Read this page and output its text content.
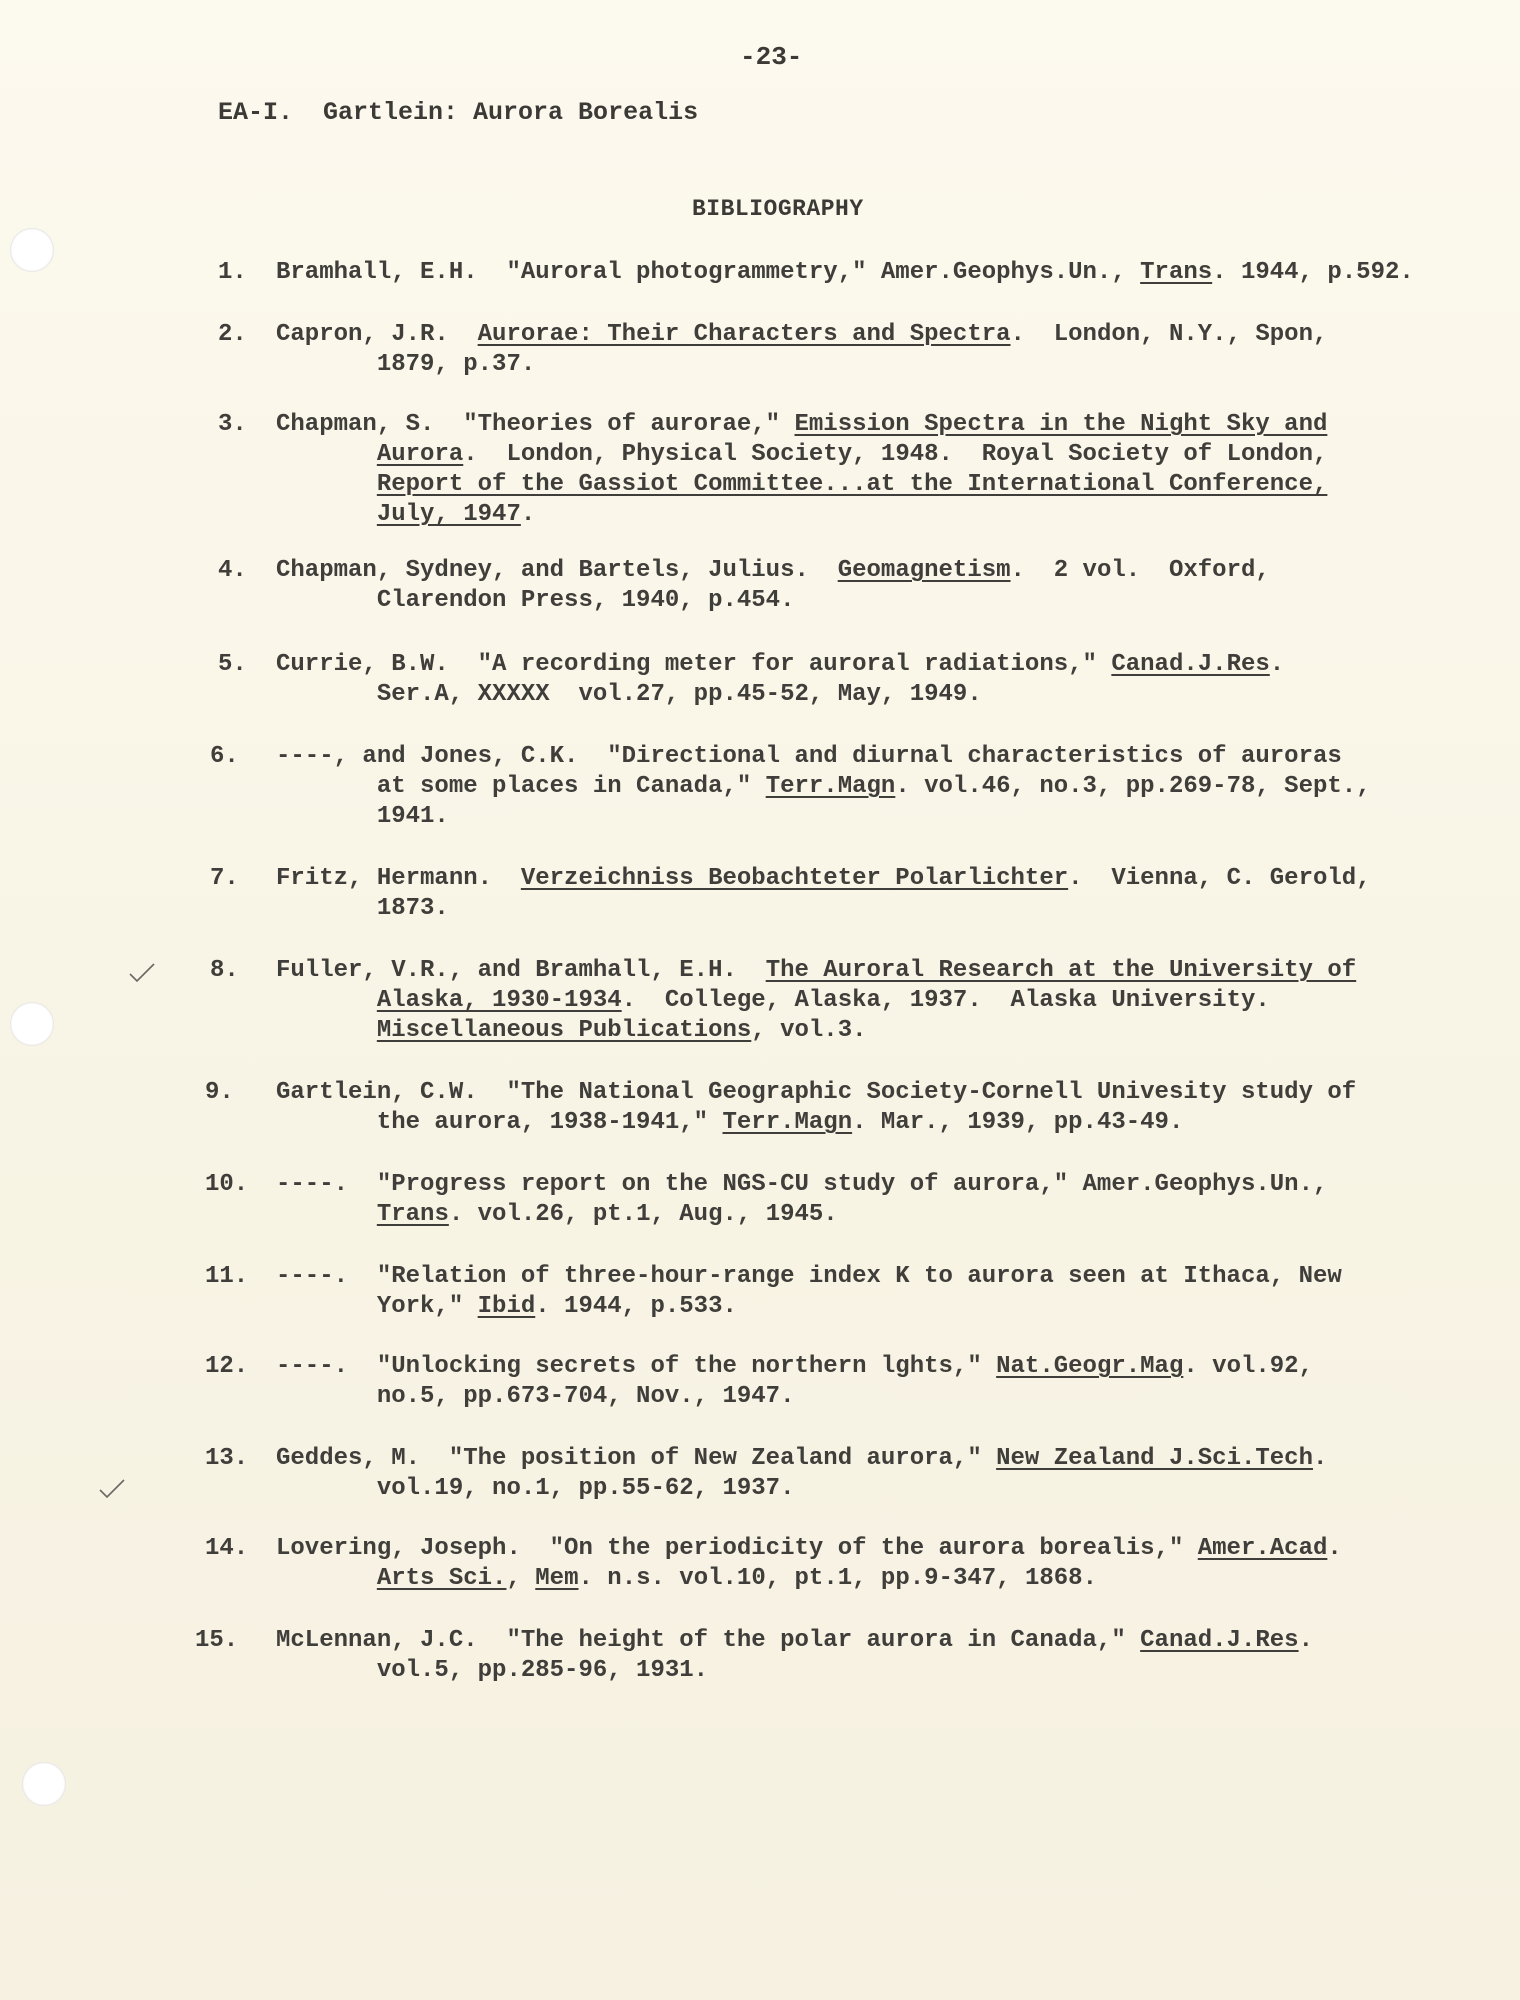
-23-
EA-I.  Gartlein: Aurora Borealis
BIBLIOGRAPHY
1. Bramhall, E.H.  "Auroral photogrammetry," Amer.Geophys.Un., Trans. 1944, p.592.
2. Capron, J.R.  Aurorae: Their Characters and Spectra.  London, N.Y., Spon,
1879, p.37.
3. Chapman, S.  "Theories of aurorae," Emission Spectra in the Night Sky and
Aurora.  London, Physical Society, 1948.  Royal Society of London,
Report of the Gassiot Committee...at the International Conference,
July, 1947.
4. Chapman, Sydney, and Bartels, Julius.  Geomagnetism.  2 vol.  Oxford,
Clarendon Press, 1940, p.454.
5. Currie, B.W.  "A recording meter for auroral radiations," Canad.J.Res.
Ser.A, XXXXX  vol.27, pp.45-52, May, 1949.
6. ----, and Jones, C.K.  "Directional and diurnal characteristics of auroras
at some places in Canada," Terr.Magn. vol.46, no.3, pp.269-78, Sept.,
1941.
7. Fritz, Hermann.  Verzeichniss Beobachteter Polarlichter.  Vienna, C. Gerold,
1873.
8. Fuller, V.R., and Bramhall, E.H.  The Auroral Research at the University of
Alaska, 1930-1934.  College, Alaska, 1937.  Alaska University.
Miscellaneous Publications, vol.3.
9. Gartlein, C.W.  "The National Geographic Society-Cornell Univesity study of
the aurora, 1938-1941," Terr.Magn. Mar., 1939, pp.43-49.
10. ----.  "Progress report on the NGS-CU study of aurora," Amer.Geophys.Un.,
Trans. vol.26, pt.1, Aug., 1945.
11. ----.  "Relation of three-hour-range index K to aurora seen at Ithaca, New
York," Ibid. 1944, p.533.
12. ----.  "Unlocking secrets of the northern lghts," Nat.Geogr.Mag. vol.92,
no.5, pp.673-704, Nov., 1947.
13. Geddes, M.  "The position of New Zealand aurora," New Zealand J.Sci.Tech.
vol.19, no.1, pp.55-62, 1937.
14. Lovering, Joseph.  "On the periodicity of the aurora borealis," Amer.Acad.
Arts Sci., Mem. n.s. vol.10, pt.1, pp.9-347, 1868.
15. McLennan, J.C.  "The height of the polar aurora in Canada," Canad.J.Res.
vol.5, pp.285-96, 1931.
